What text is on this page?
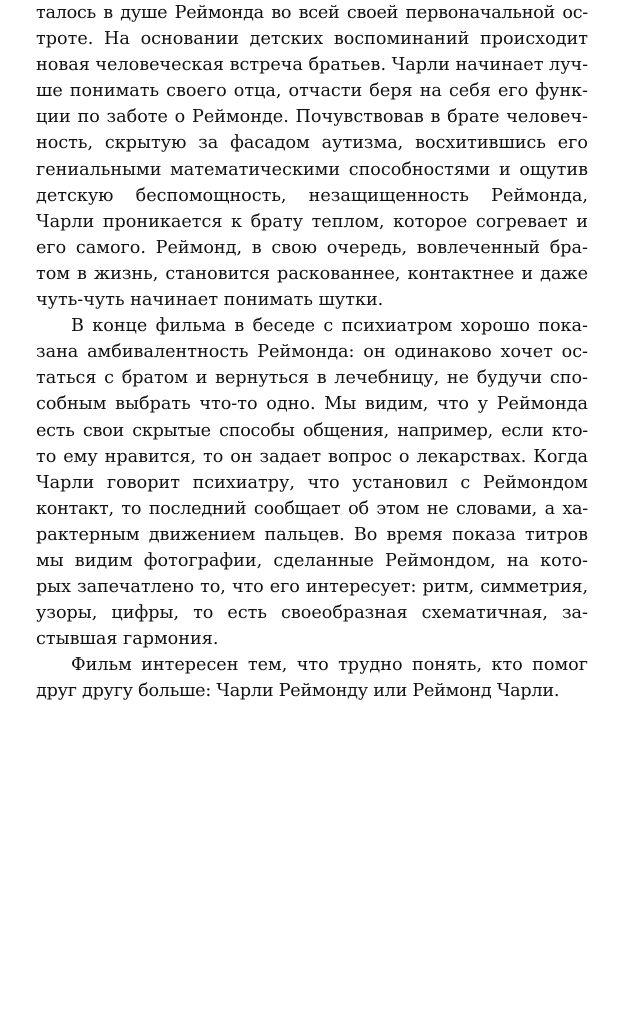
талось в душе Реймонда во всей своей первоначальной ос-
троте. На основании детских воспоминаний происходит
новая человеческая встреча братьев. Чарли начинает луч-
ше понимать своего отца, отчасти беря на себя его функ-
ции по заботе о Реймонде. Почувствовав в брате человеч-
ность, скрытую за фасадом аутизма, восхитившись его
гениальными математическими способностями и ощутив
детскую беспомощность, незащищенность Реймонда,
Чарли проникается к брату теплом, которое согревает и
его самого. Реймонд, в свою очередь, вовлеченный бра-
том в жизнь, становится раскованнее, контактнее и даже
чуть-чуть начинает понимать шутки.

В конце фильма в беседе с психиатром хорошо пока-
зана амбивалентность Реймонда: он одинаково хочет ос-
таться с братом и вернуться в лечебницу, не будучи спо-
собным выбрать что-то одно. Мы видим, что у Реймонда
есть свои скрытые способы общения, например, если кто-
то ему нравится, то он задает вопрос о лекарствах. Когда
Чарли говорит психиатру, что установил с Реймондом
контакт, то последний сообщает об этом не словами, а ха-
рактерным движением пальцев. Во время показа титров
мы видим фотографии, сделанные Реймондом, на кото-
рых запечатлено то, что его интересует: ритм, симметрия,
узоры, цифры, то есть своеобразная схематичная, за-
стывшая гармония.

Фильм интересен тем, что трудно понять, кто помог
друг другу больше: Чарли Реймонду или Реймонд Чарли.
